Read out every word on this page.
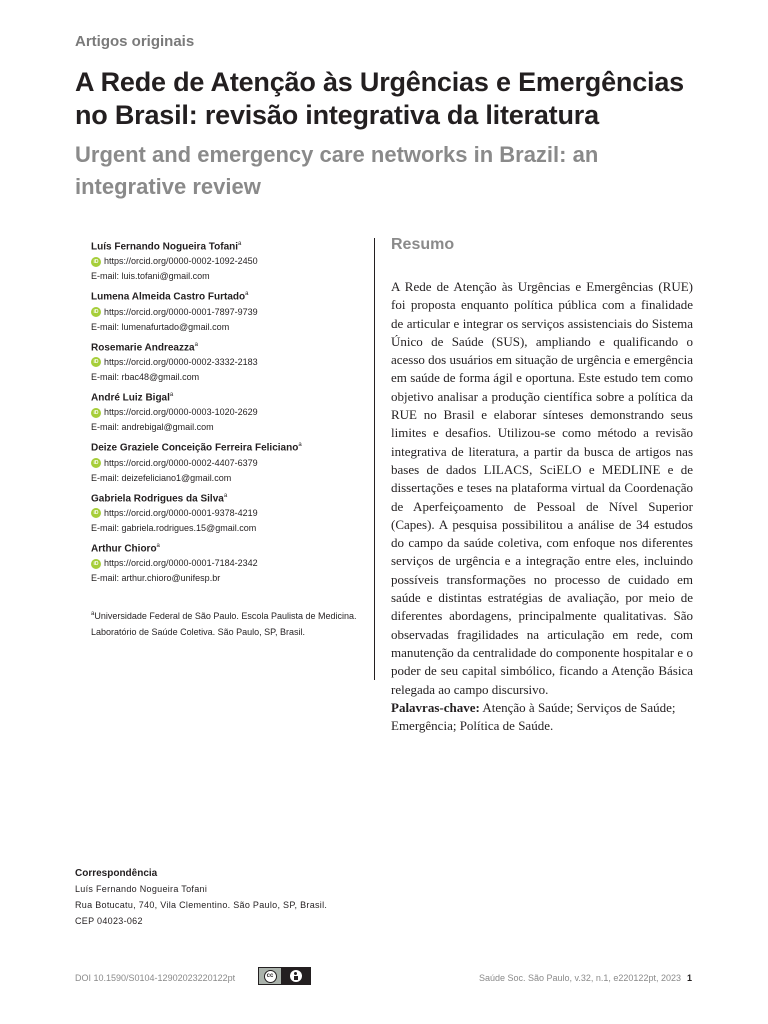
Artigos originais
A Rede de Atenção às Urgências e Emergências no Brasil: revisão integrativa da literatura
Urgent and emergency care networks in Brazil: an integrative review
Luís Fernando Nogueira Tofani$^a$
iD https://orcid.org/0000-0002-1092-2450
E-mail: luis.tofani@gmail.com
Lumena Almeida Castro Furtado$^a$
iD https://orcid.org/0000-0001-7897-9739
E-mail: lumenafurtado@gmail.com
Rosemarie Andreazza$^a$
iD https://orcid.org/0000-0002-3332-2183
E-mail: rbac48@gmail.com
André Luiz Bigal$^a$
iD https://orcid.org/0000-0003-1020-2629
E-mail: andrebigal@gmail.com
Deize Graziele Conceição Ferreira Feliciano$^a$
iD https://orcid.org/0000-0002-4407-6379
E-mail: deizefeliciano1@gmail.com
Gabriela Rodrigues da Silva$^a$
iD https://orcid.org/0000-0001-9378-4219
E-mail: gabriela.rodrigues.15@gmail.com
Arthur Chioro$^a$
iD https://orcid.org/0000-0001-7184-2342
E-mail: arthur.chioro@unifesp.br
$^a$Universidade Federal de São Paulo. Escola Paulista de Medicina. Laboratório de Saúde Coletiva. São Paulo, SP, Brasil.
Resumo

A Rede de Atenção às Urgências e Emergências (RUE) foi proposta enquanto política pública com a finalidade de articular e integrar os serviços assistenciais do Sistema Único de Saúde (SUS), ampliando e qualificando o acesso dos usuários em situação de urgência e emergência em saúde de forma ágil e oportuna. Este estudo tem como objetivo analisar a produção científica sobre a política da RUE no Brasil e elaborar sínteses demonstrando seus limites e desafios. Utilizou-se como método a revisão integrativa de literatura, a partir da busca de artigos nas bases de dados LILACS, SciELO e MEDLINE e de dissertações e teses na plataforma virtual da Coordenação de Aperfeiçoamento de Pessoal de Nível Superior (Capes). A pesquisa possibilitou a análise de 34 estudos do campo da saúde coletiva, com enfoque nos diferentes serviços de urgência e a integração entre eles, incluindo possíveis transformações no processo de cuidado em saúde e distintas estratégias de avaliação, por meio de diferentes abordagens, principalmente qualitativas. São observadas fragilidades na articulação em rede, com manutenção da centralidade do componente hospitalar e o poder de seu capital simbólico, ficando a Atenção Básica relegada ao campo discursivo.

Palavras-chave: Atenção à Saúde; Serviços de Saúde; Emergência; Política de Saúde.

Correspondência
Luís Fernando Nogueira Tofani
Rua Botucatu, 740, Vila Clementino. São Paulo, SP, Brasil.
CEP 04023-062
DOI 10.1590/S0104-12902023220122pt	cc	Saúde Soc. São Paulo, v.32, n.1, e220122pt, 2023 1
